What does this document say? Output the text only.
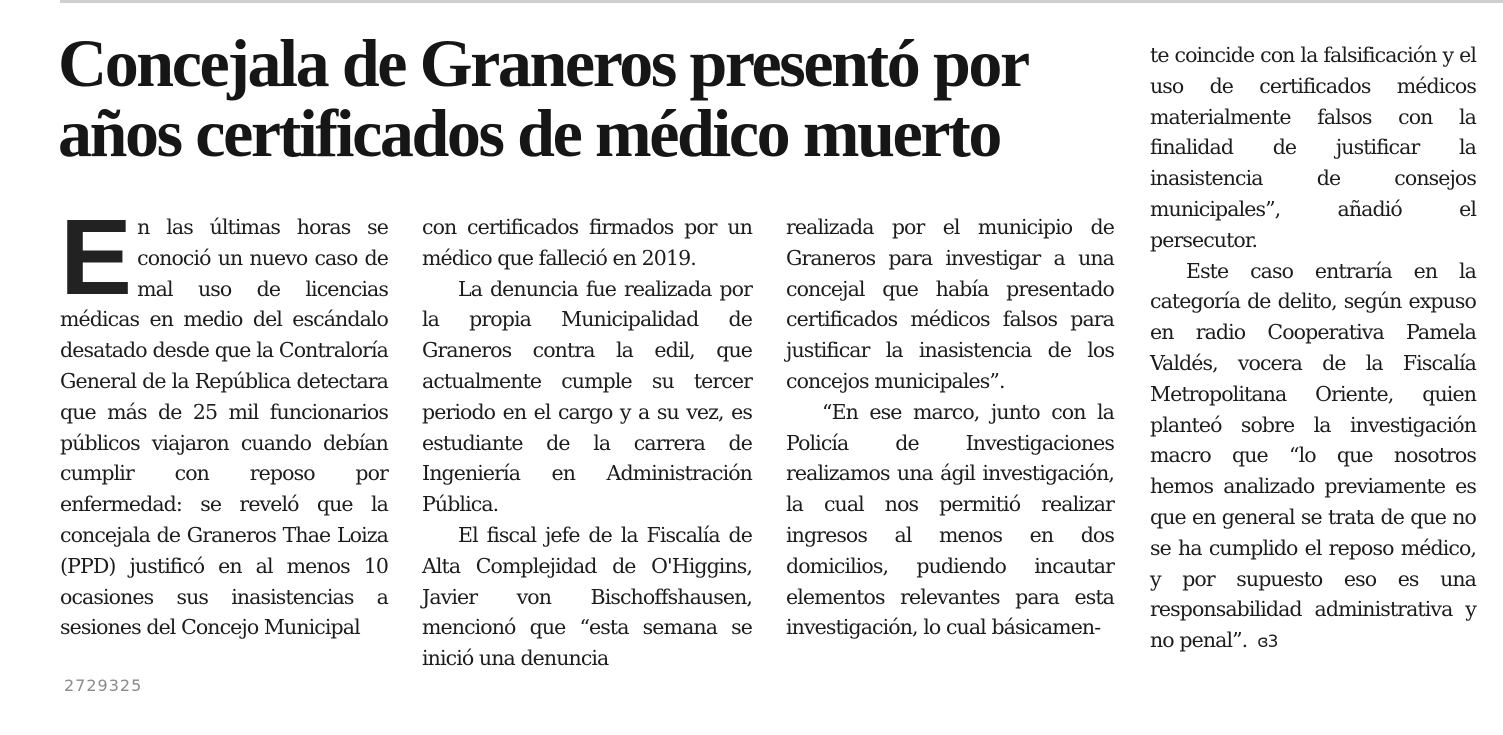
Concejala de Graneros presentó por
años certificados de médico muerto
E n las últimas horas se conoció un nuevo caso de mal uso de licencias médicas en medio del escándalo desatado desde que la Contraloría General de la República detectara que más de 25 mil funcionarios públicos viajaron cuando debían cumplir con reposo por enfermedad: se reveló que la concejala de Graneros Thae Loiza (PPD) justificó en al menos 10 ocasiones sus inasistencias a sesiones del Concejo Municipal

con certificados firmados por un médico que falleció en 2019.

La denuncia fue realizada por la propia Municipalidad de Graneros contra la edil, que actualmente cumple su tercer periodo en el cargo y a su vez, es estudiante de la carrera de Ingeniería en Administración Pública.

El fiscal jefe de la Fiscalía de Alta Complejidad de O'Higgins, Javier von Bischoffshausen, mencionó que “esta semana se inició una denuncia

realizada por el municipio de Graneros para investigar a una concejal que había presentado certificados médicos falsos para justificar la inasistencia de los concejos municipales”.

“En ese marco, junto con la Policía de Investigaciones realizamos una ágil investigación, la cual nos permitió realizar ingresos al menos en dos domicilios, pudiendo incautar elementos relevantes para esta investigación, lo cual básicamen-

te coincide con la falsificación y el uso de certificados médicos materialmente falsos con la finalidad de justificar la inasistencia de consejos municipales”, añadió el persecutor.

Este caso entraría en la categoría de delito, según expuso en radio Cooperativa Pamela Valdés, vocera de la Fiscalía Metropolitana Oriente, quien planteó sobre la investigación macro que “lo que nosotros hemos analizado previamente es que en general se trata de que no se ha cumplido el reposo médico, y por supuesto eso es una responsabilidad administrativa y no penal”. ɞ3

2729325
